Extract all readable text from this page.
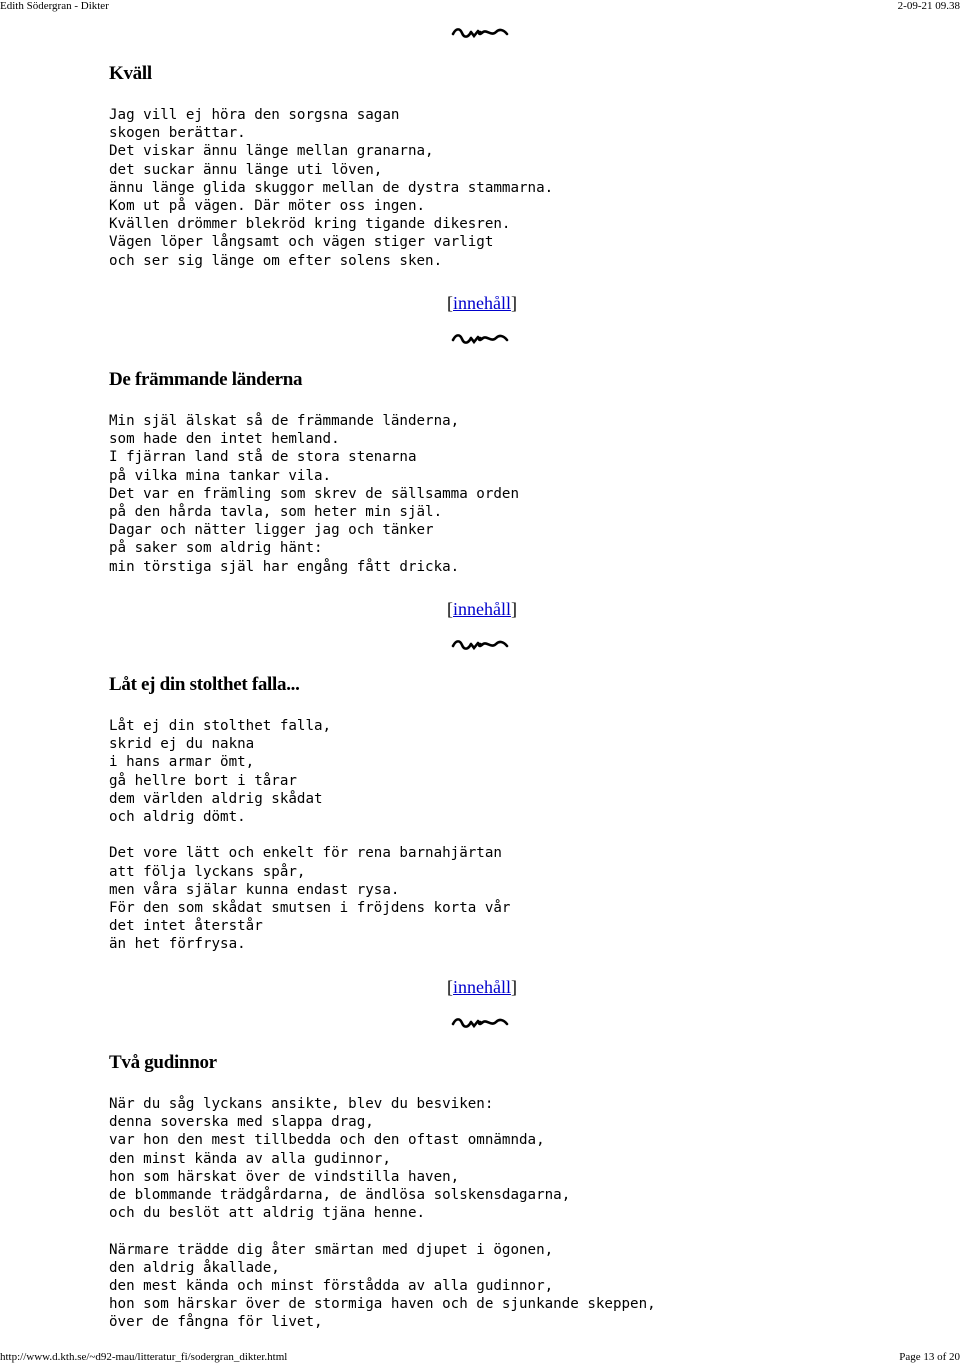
Edith Södergran - Dikter	2-09-21 09.38
Kväll
Jag vill ej höra den sorgsna sagan
skogen berättar.
Det viskar ännu länge mellan granarna,
det suckar ännu länge uti löven,
ännu länge glida skuggor mellan de dystra stammarna.
Kom ut på vägen. Där möter oss ingen.
Kvällen drömmer blekröd kring tigande dikesren.
Vägen löper långsamt och vägen stiger varligt
och ser sig länge om efter solens sken.
[innehåll]
De främmande länderna
Min själ älskat så de främmande länderna,
som hade den intet hemland.
I fjärran land stå de stora stenarna
på vilka mina tankar vila.
Det var en främling som skrev de sällsamma orden
på den hårda tavla, som heter min själ.
Dagar och nätter ligger jag och tänker
på saker som aldrig hänt:
min törstiga själ har engång fått dricka.
[innehåll]
Låt ej din stolthet falla...
Låt ej din stolthet falla,
skrid ej du nakna
i hans armar ömt,
gå hellre bort i tårar
dem världen aldrig skådat
och aldrig dömt.
Det vore lätt och enkelt för rena barnahjärtan
att följa lyckans spår,
men våra själar kunna endast rysa.
För den som skådat smutsen i fröjdens korta vår
det intet återstår
än het förfrysa.
[innehåll]
Två gudinnor
När du såg lyckans ansikte, blev du besviken:
denna soverska med slappa drag,
var hon den mest tillbedda och den oftast omnämnda,
den minst kända av alla gudinnor,
hon som härskat över de vindstilla haven,
de blommande trädgårdarna, de ändlösa solskensdagarna,
och du beslöt att aldrig tjäna henne.
Närmare trädde dig åter smärtan med djupet i ögonen,
den aldrig åkallade,
den mest kända och minst förstådda av alla gudinnor,
hon som härskar över de stormiga haven och de sjunkande skeppen,
över de fångna för livet,
http://www.d.kth.se/~d92-mau/litteratur_fi/sodergran_dikter.html	Page 13 of 20
